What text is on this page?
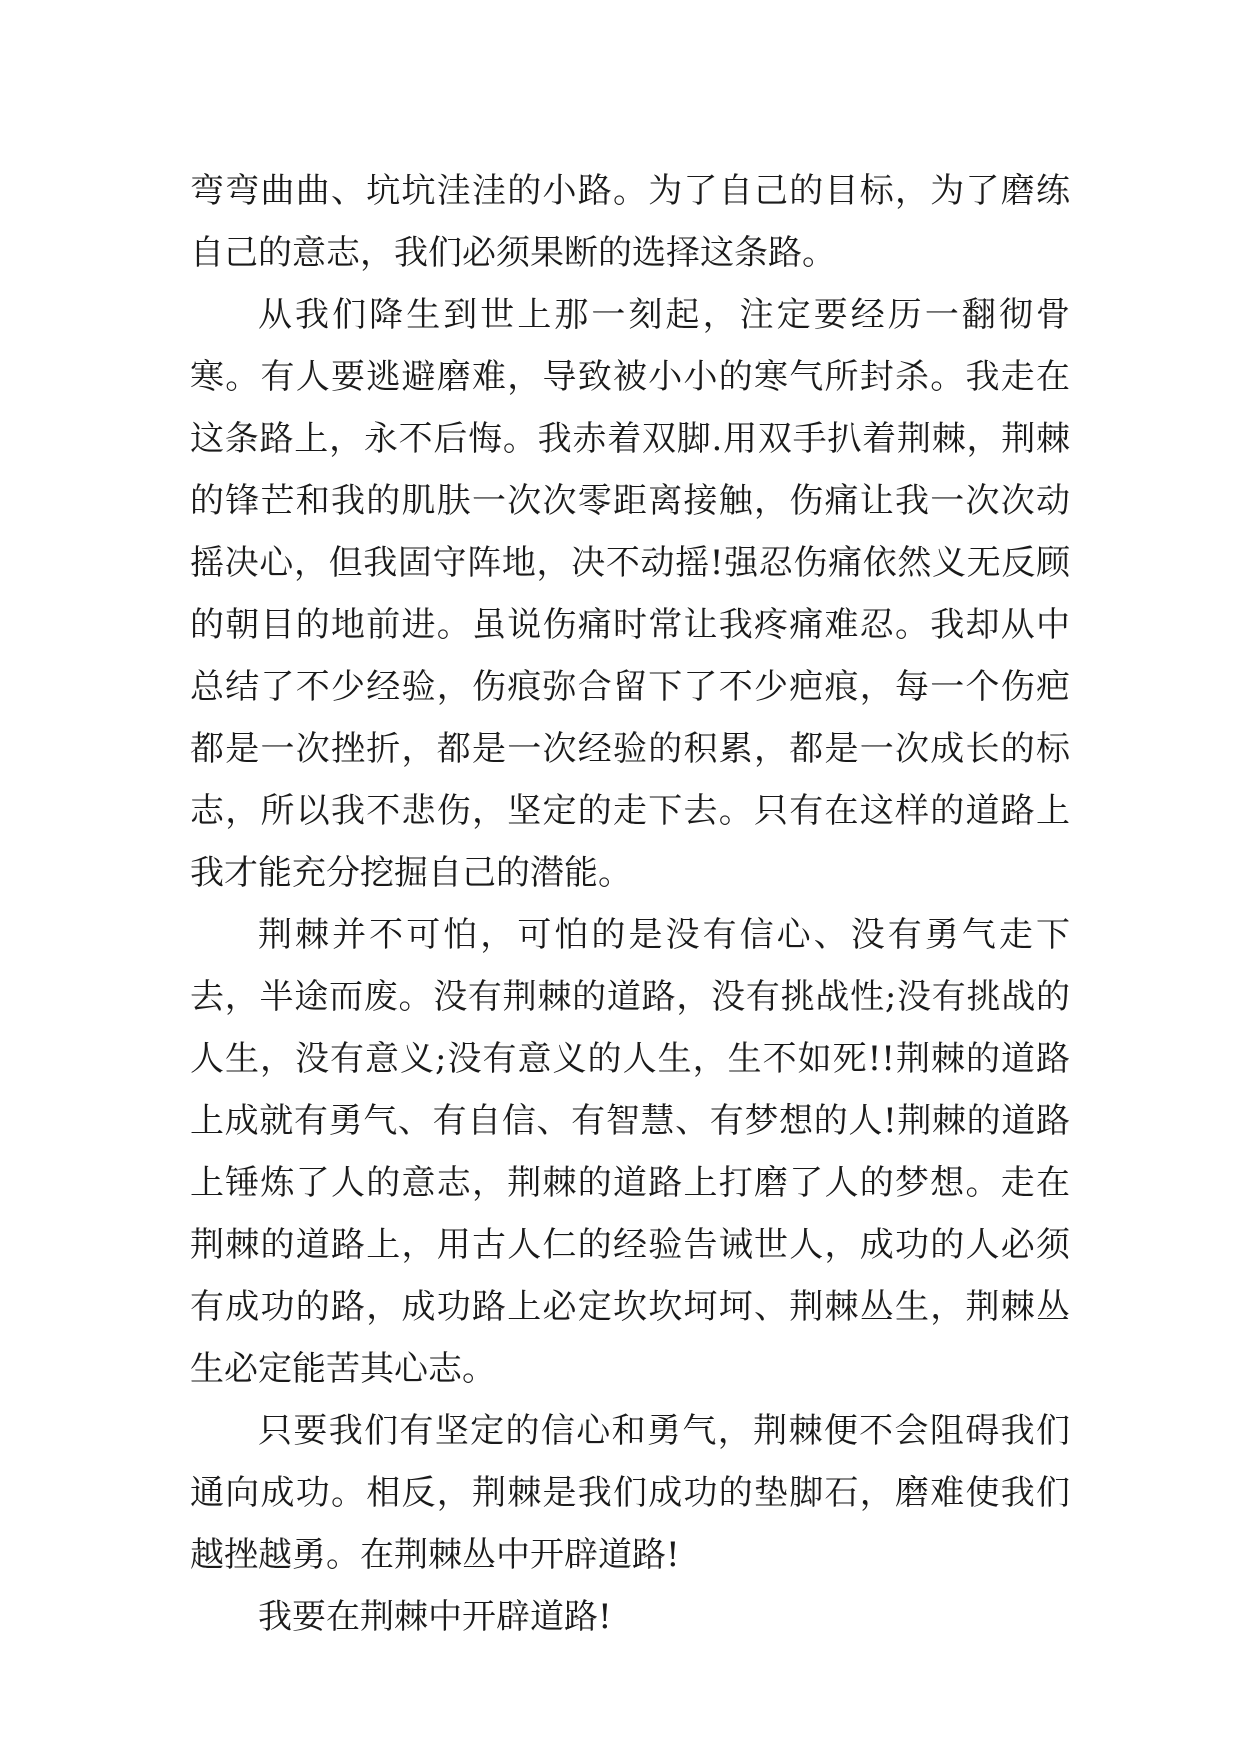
弯弯曲曲、坑坑洼洼的小路。为了自己的目标，为了磨练自己的意志，我们必须果断的选择这条路。

从我们降生到世上那一刻起，注定要经历一翻彻骨寒。有人要逃避磨难，导致被小小的寒气所封杀。我走在这条路上，永不后悔。我赤着双脚.用双手扒着荆棘，荆棘的锋芒和我的肌肤一次次零距离接触，伤痛让我一次次动摇决心，但我固守阵地，决不动摇!强忍伤痛依然义无反顾的朝目的地前进。虽说伤痛时常让我疼痛难忍。我却从中总结了不少经验，伤痕弥合留下了不少疤痕，每一个伤疤都是一次挫折，都是一次经验的积累，都是一次成长的标志，所以我不悲伤，坚定的走下去。只有在这样的道路上我才能充分挖掘自己的潜能。

荆棘并不可怕，可怕的是没有信心、没有勇气走下去，半途而废。没有荆棘的道路，没有挑战性;没有挑战的人生，没有意义;没有意义的人生，生不如死!!荆棘的道路上成就有勇气、有自信、有智慧、有梦想的人!荆棘的道路上锤炼了人的意志，荆棘的道路上打磨了人的梦想。走在荆棘的道路上，用古人仁的经验告诫世人，成功的人必须有成功的路，成功路上必定坎坎坷坷、荆棘丛生，荆棘丛生必定能苦其心志。

只要我们有坚定的信心和勇气，荆棘便不会阻碍我们通向成功。相反，荆棘是我们成功的垫脚石，磨难使我们越挫越勇。在荆棘丛中开辟道路!

我要在荆棘中开辟道路!
